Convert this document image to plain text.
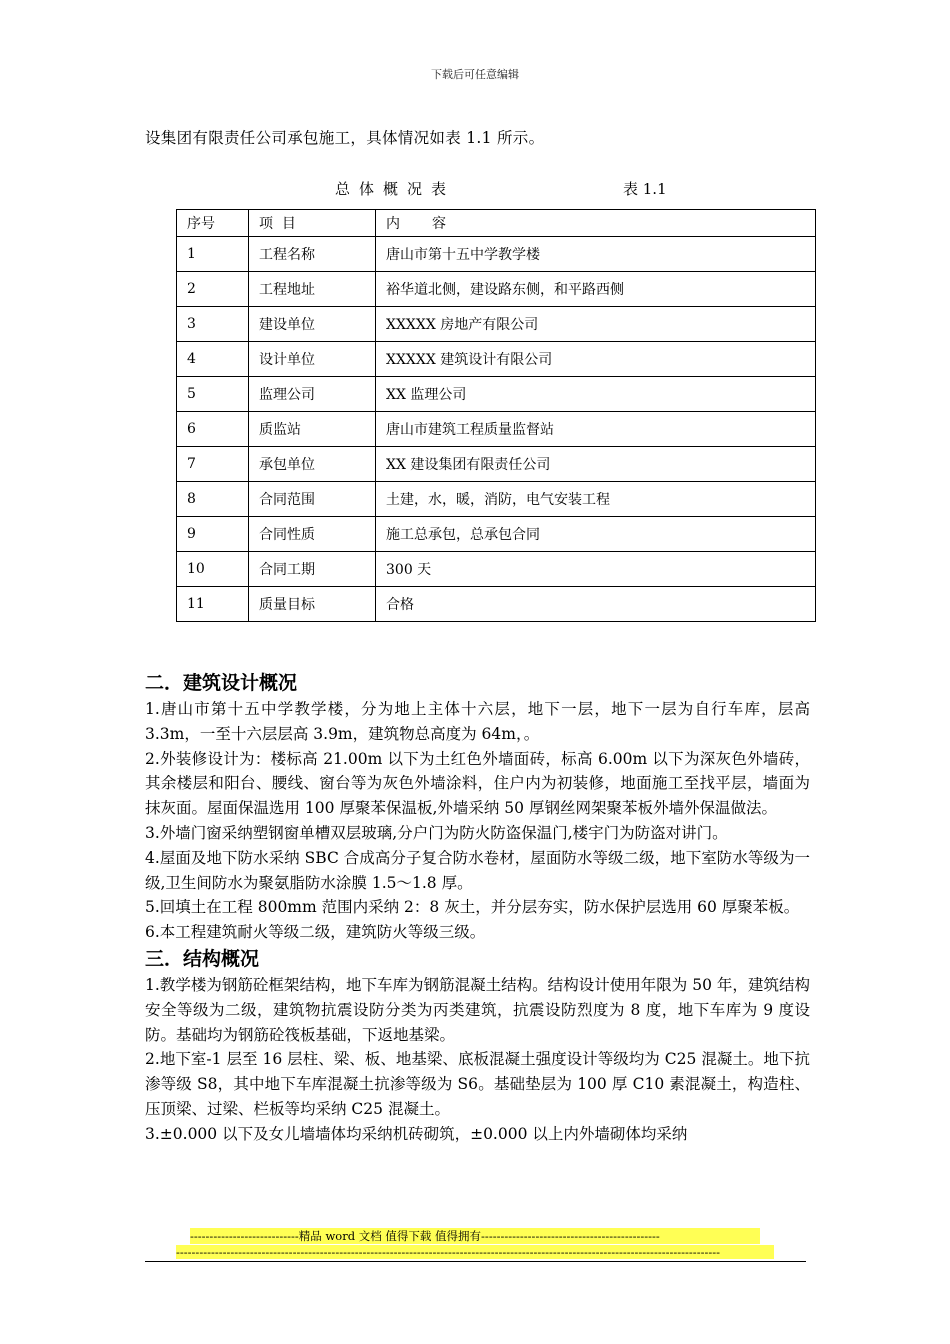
下载后可任意编辑
设集团有限责任公司承包施工，具体情况如表 1.1 所示。
总体概况表	表 1.1
序号	项  目	内容
1	工程名称	唐山市第十五中学教学楼
2	工程地址	裕华道北侧，建设路东侧，和平路西侧
3	建设单位	XXXXX 房地产有限公司
4	设计单位	XXXXX 建筑设计有限公司
5	监理公司	XX 监理公司
6	质监站	唐山市建筑工程质量监督站
7	承包单位	XX 建设集团有限责任公司
8	合同范围	土建，水，暖，消防，电气安装工程
9	合同性质	施工总承包，总承包合同
10	合同工期	300 天
11	质量目标	合格
二．建筑设计概况

1.唐山市第十五中学教学楼，分为地上主体十六层，地下一层，地下一层为自行车库，层高 3.3m，一至十六层层高 3.9m，建筑物总高度为 64m，。

2.外装修设计为：楼标高 21.00m 以下为土红色外墙面砖，标高 6.00m 以下为深灰色外墙砖，其余楼层和阳台、腰线、窗台等为灰色外墙涂料，住户内为初装修，地面施工至找平层，墙面为抹灰面。屋面保温选用 100 厚聚苯保温板,外墙采纳 50 厚钢丝网架聚苯板外墙外保温做法。

3.外墙门窗采纳塑钢窗单槽双层玻璃,分户门为防火防盗保温门,楼宇门为防盗对讲门。

4.屋面及地下防水采纳 SBC 合成高分子复合防水卷材，屋面防水等级二级，地下室防水等级为一级,卫生间防水为聚氨脂防水涂膜 1.5～1.8 厚。

5.回填土在工程 800mm 范围内采纳 2：8 灰土，并分层夯实，防水保护层选用 60 厚聚苯板。

6.本工程建筑耐火等级二级，建筑防火等级三级。

三．结构概况

1.教学楼为钢筋砼框架结构，地下车库为钢筋混凝土结构。结构设计使用年限为 50 年，建筑结构安全等级为二级，建筑物抗震设防分类为丙类建筑，抗震设防烈度为 8 度，地下车库为 9 度设防。基础均为钢筋砼筏板基础，下返地基梁。

2.地下室-1 层至 16 层柱、梁、板、地基梁、底板混凝土强度设计等级均为 C25 混凝土。地下抗渗等级 S8，其中地下车库混凝土抗渗等级为 S6。基础垫层为 100 厚 C10 素混凝土，构造柱、压顶梁、过梁、栏板等均采纳 C25 混凝土。

3.±0.000 以下及女儿墙墙体均采纳机砖砌筑，±0.000 以上内外墙砌体均采纳

----------------------------精品 word 文档 值得下载 值得拥有----------------------------------------------
--------------------------------------------------------------------------------------------------------------------------------------------
